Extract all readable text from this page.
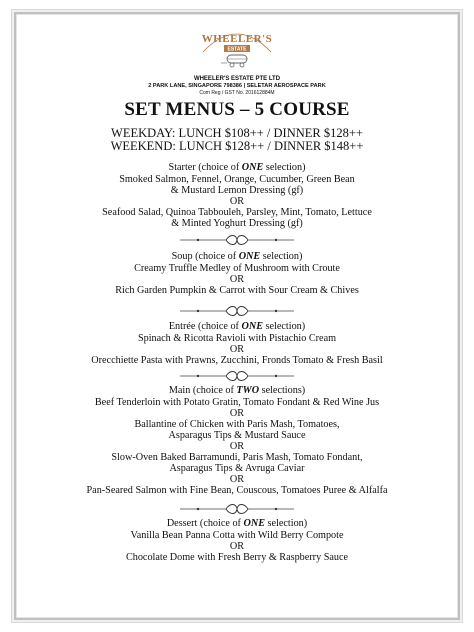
WHEELER'S
ESTATE
WHEELER'S ESTATE PTE LTD
2 PARK LANE, SINGAPORE 798386 | SELETAR AEROSPACE PARK
Com Reg / GST No. 201612884M
SET MENUS – 5 COURSE
WEEKDAY: LUNCH $108++ / DINNER $128++
WEEKEND: LUNCH $128++ / DINNER $148++
Starter (choice of ONE selection)
Smoked Salmon, Fennel, Orange, Cucumber, Green Bean
& Mustard Lemon Dressing (gf)
OR
Seafood Salad, Quinoa Tabbouleh, Parsley, Mint, Tomato, Lettuce
& Minted Yoghurt Dressing (gf)
Soup (choice of ONE selection)
Creamy Truffle Medley of Mushroom with Croute
OR
Rich Garden Pumpkin & Carrot with Sour Cream & Chives
Entrée (choice of ONE selection)
Spinach & Ricotta Ravioli with Pistachio Cream
OR
Orecchiette Pasta with Prawns, Zucchini, Fronds Tomato & Fresh Basil
Main (choice of TWO selections)
Beef Tenderloin with Potato Gratin, Tomato Fondant & Red Wine Jus
OR
Ballantine of Chicken with Paris Mash, Tomatoes,
Asparagus Tips & Mustard Sauce
OR
Slow-Oven Baked Barramundi, Paris Mash, Tomato Fondant,
Asparagus Tips & Avruga Caviar
OR
Pan-Seared Salmon with Fine Bean, Couscous, Tomatoes Puree & Alfalfa
Dessert (choice of ONE selection)
Vanilla Bean Panna Cotta with Wild Berry Compote
OR
Chocolate Dome with Fresh Berry & Raspberry Sauce
